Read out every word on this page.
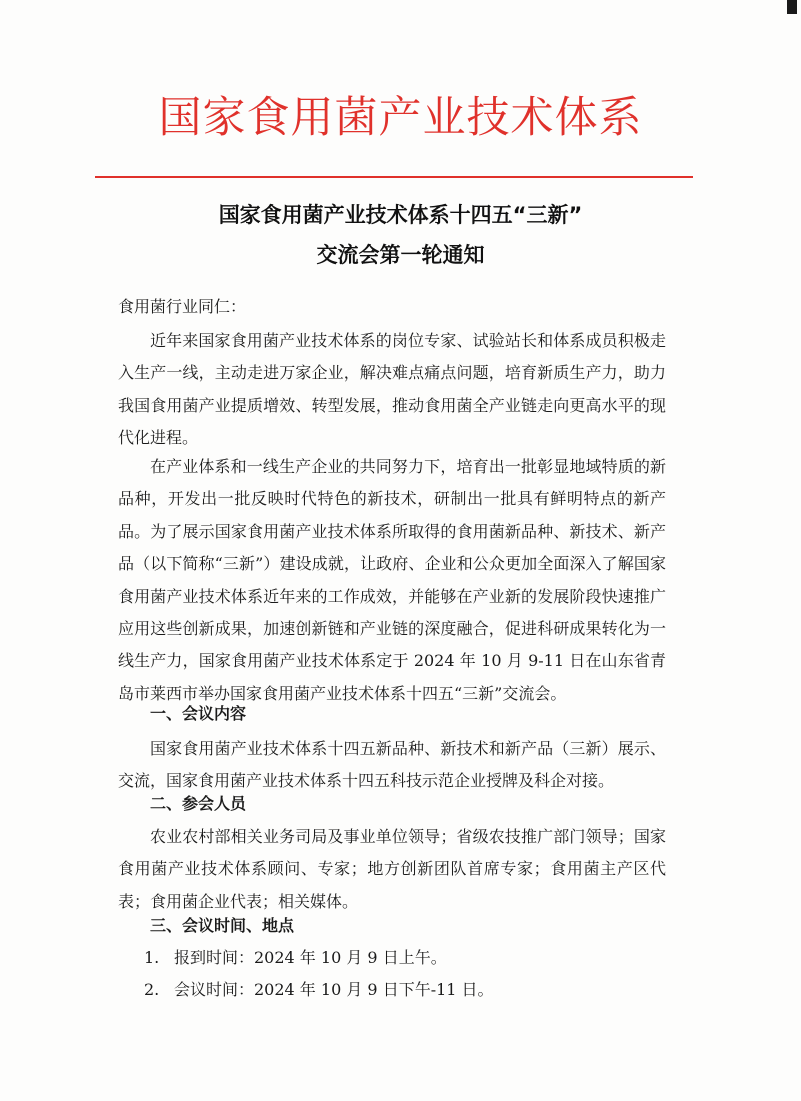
国家食用菌产业技术体系
国家食用菌产业技术体系十四五“三新”
交流会第一轮通知
食用菌行业同仁：
近年来国家食用菌产业技术体系的岗位专家、试验站长和体系成员积极走入生产一线，主动走进万家企业，解决难点痛点问题，培育新质生产力，助力我国食用菌产业提质增效、转型发展，推动食用菌全产业链走向更高水平的现代化进程。
在产业体系和一线生产企业的共同努力下，培育出一批彰显地域特质的新品种，开发出一批反映时代特色的新技术，研制出一批具有鲜明特点的新产品。为了展示国家食用菌产业技术体系所取得的食用菌新品种、新技术、新产品（以下简称“三新”）建设成就，让政府、企业和公众更加全面深入了解国家食用菌产业技术体系近年来的工作成效，并能够在产业新的发展阶段快速推广应用这些创新成果，加速创新链和产业链的深度融合，促进科研成果转化为一线生产力，国家食用菌产业技术体系定于 2024 年 10 月 9-11 日在山东省青岛市莱西市举办国家食用菌产业技术体系十四五“三新”交流会。
一、会议内容
国家食用菌产业技术体系十四五新品种、新技术和新产品（三新）展示、交流，国家食用菌产业技术体系十四五科技示范企业授牌及科企对接。
二、参会人员
农业农村部相关业务司局及事业单位领导；省级农技推广部门领导；国家食用菌产业技术体系顾问、专家；地方创新团队首席专家；食用菌主产区代表；食用菌企业代表；相关媒体。
三、会议时间、地点
1. 报到时间：2024 年 10 月 9 日上午。
2. 会议时间：2024 年 10 月 9 日下午-11 日。
